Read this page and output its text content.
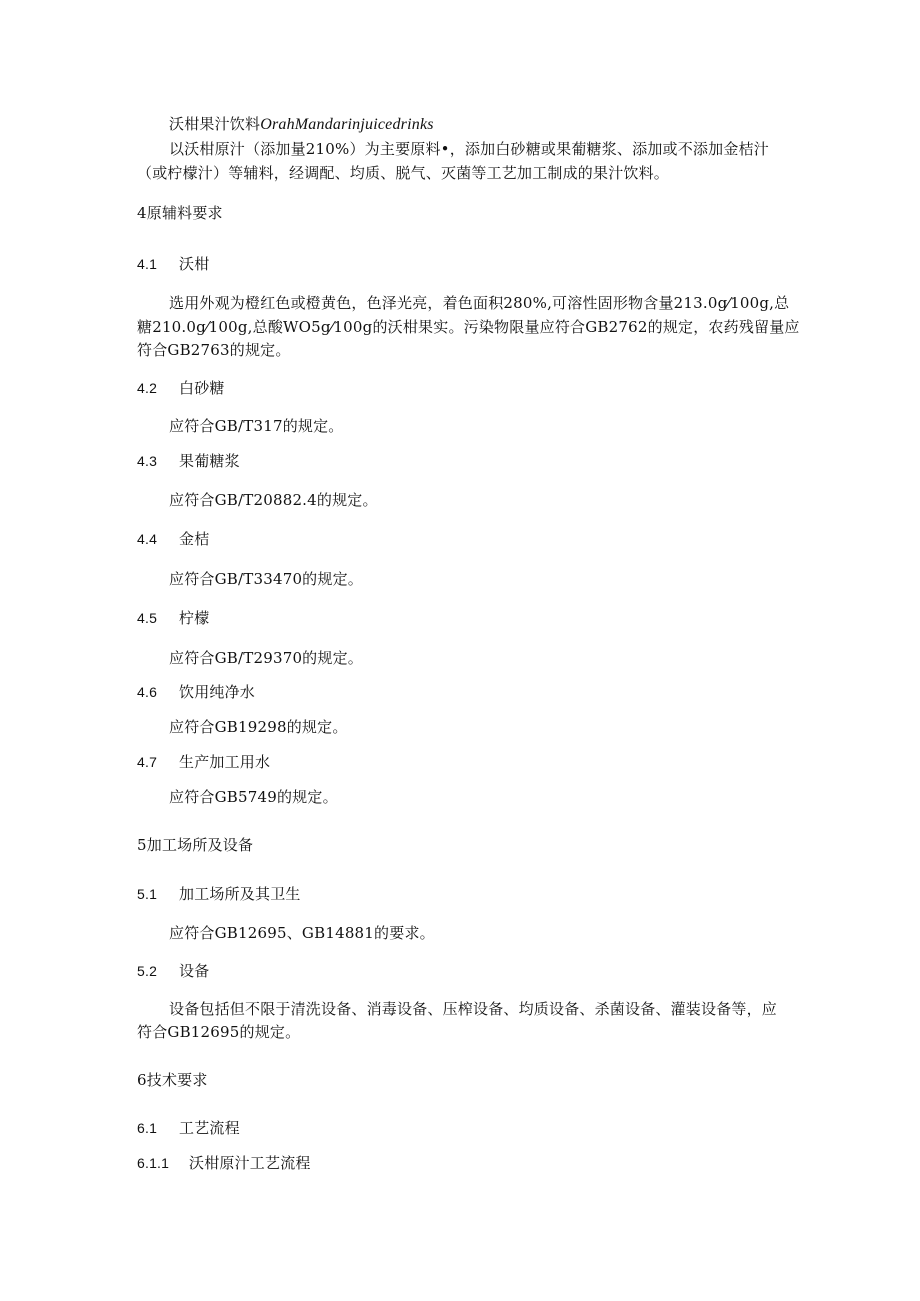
沃柑果汁饮料OrahMandarinjuicedrinks
以沃柑原汁（添加量210%）为主要原料•，添加白砂糖或果葡糖浆、添加或不添加金桔汁
（或柠檬汁）等辅料，经调配、均质、脱气、灭菌等工艺加工制成的果汁饮料。
4原辅料要求
4.1 沃柑
选用外观为橙红色或橙黄色，色泽光亮，着色面积280%,可溶性固形物含量213.0g⁄100g,总
糖210.0g⁄100g,总酸WO5g⁄100g的沃柑果实。污染物限量应符合GB2762的规定，农药残留量应
符合GB2763的规定。
4.2 白砂糖
应符合GB/T317的规定。
4.3 果葡糖浆
应符合GB/T20882.4的规定。
4.4 金桔
应符合GB/T33470的规定。
4.5 柠檬
应符合GB/T29370的规定。
4.6 饮用纯净水
应符合GB19298的规定。
4.7 生产加工用水
应符合GB5749的规定。
5加工场所及设备
5.1 加工场所及其卫生
应符合GB12695、GB14881的要求。
5.2 设备
设备包括但不限于清洗设备、消毒设备、压榨设备、均质设备、杀菌设备、灌装设备等，应
符合GB12695的规定。
6技术要求
6.1 工艺流程
6.1.1 沃柑原汁工艺流程
